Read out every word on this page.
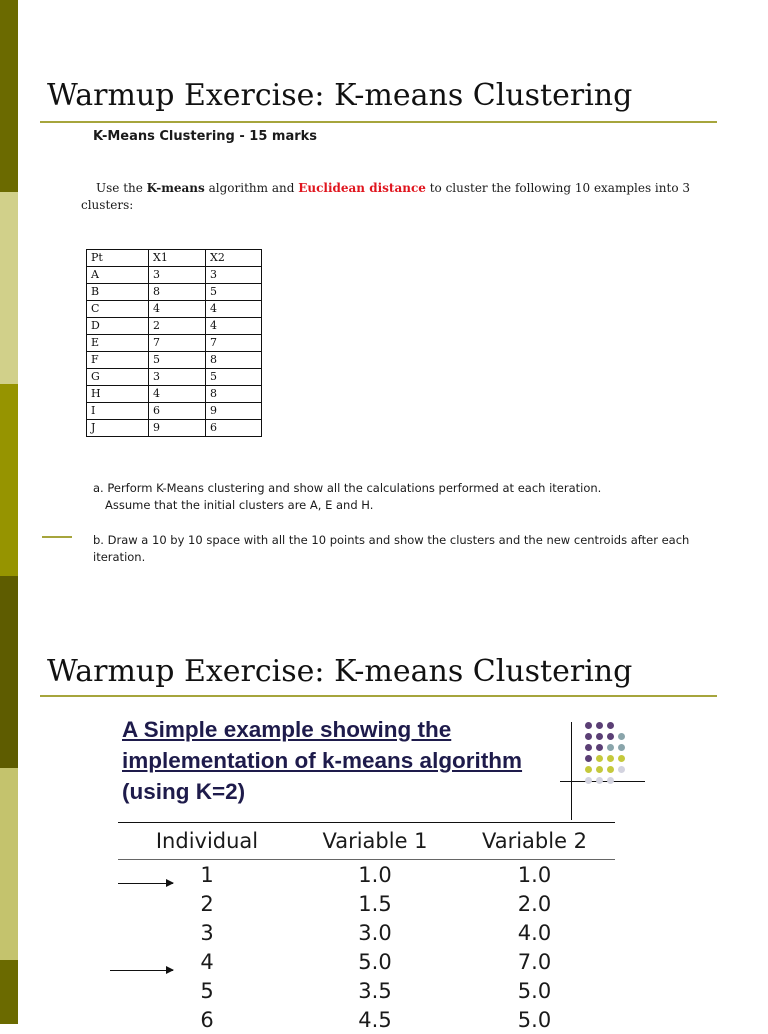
Warmup Exercise: K-means Clustering
K-Means Clustering - 15 marks
Use the K-means algorithm and Euclidean distance to cluster the following 10 examples into 3 clusters:
Pt	X1	X2
A	3	3
B	8	5
C	4	4
D	2	4
E	7	7
F	5	8
G	3	5
H	4	8
I	6	9
J	9	6
a. Perform K-Means clustering and show all the calculations performed at each iteration.
Assume that the initial clusters are A, E and H.
b. Draw a 10 by 10 space with all the 10 points and show the clusters and the new centroids after each iteration.
Warmup Exercise: K-means Clustering
A Simple example showing the
implementation of k-means algorithm
(using K=2)
Individual	Variable 1	Variable 2
1	1.0	1.0
2	1.5	2.0
3	3.0	4.0
4	5.0	7.0
5	3.5	5.0
6	4.5	5.0
